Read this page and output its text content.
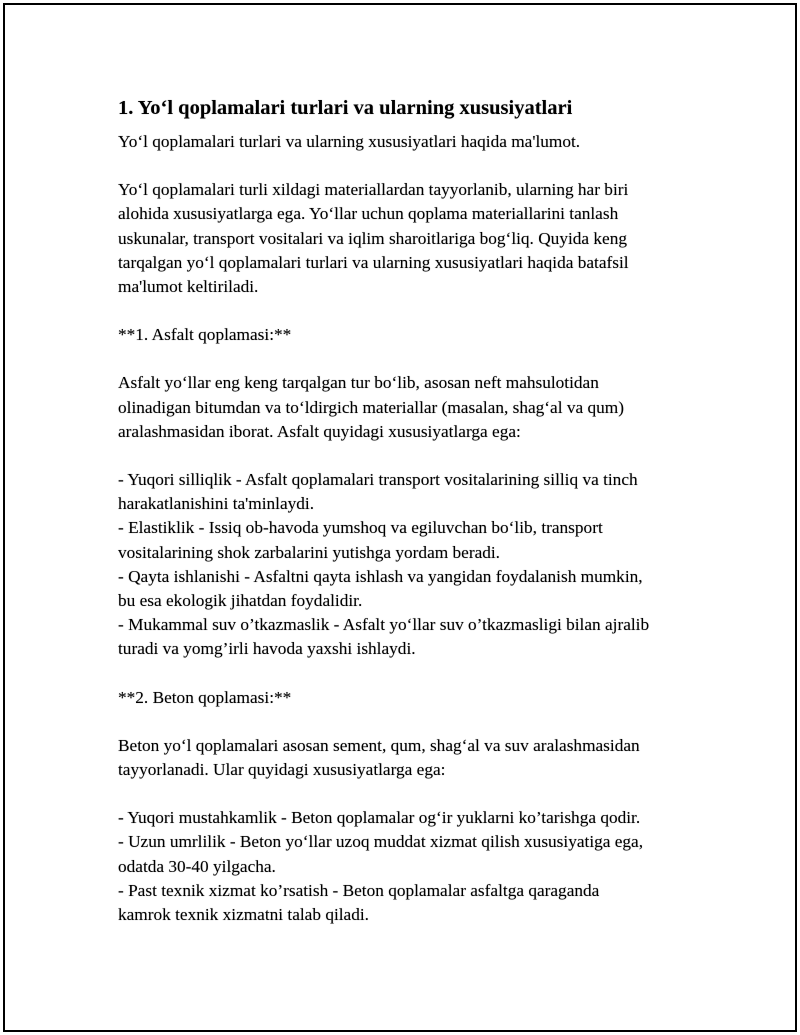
1. Yo‘l qoplamalari turlari va ularning xususiyatlari

Yo‘l qoplamalari turlari va ularning xususiyatlari haqida ma'lumot.

Yo‘l qoplamalari turli xildagi materiallardan tayyorlanib, ularning har biri
alohida xususiyatlarga ega. Yo‘llar uchun qoplama materiallarini tanlash
uskunalar, transport vositalari va iqlim sharoitlariga bog‘liq. Quyida keng
tarqalgan yo‘l qoplamalari turlari va ularning xususiyatlari haqida batafsil
ma'lumot keltiriladi.

**1. Asfalt qoplamasi:**

Asfalt yo‘llar eng keng tarqalgan tur bo‘lib, asosan neft mahsulotidan
olinadigan bitumdan va to‘ldirgich materiallar (masalan, shag‘al va qum)
aralashmasidan iborat. Asfalt quyidagi xususiyatlarga ega:

- Yuqori silliqlik - Asfalt qoplamalari transport vositalarining silliq va tinch
harakatlanishini ta'minlaydi.
- Elastiklik - Issiq ob-havoda yumshoq va egiluvchan bo‘lib, transport
vositalarining shok zarbalarini yutishga yordam beradi.
- Qayta ishlanishi - Asfaltni qayta ishlash va yangidan foydalanish mumkin,
bu esa ekologik jihatdan foydalidir.
- Mukammal suv o’tkazmaslik - Asfalt yo‘llar suv o’tkazmasligi bilan ajralib
turadi va yomg’irli havoda yaxshi ishlaydi.

**2. Beton qoplamasi:**

Beton yo‘l qoplamalari asosan sement, qum, shag‘al va suv aralashmasidan
tayyorlanadi. Ular quyidagi xususiyatlarga ega:

- Yuqori mustahkamlik - Beton qoplamalar og‘ir yuklarni ko’tarishga qodir.
- Uzun umrlilik - Beton yo‘llar uzoq muddat xizmat qilish xususiyatiga ega,
odatda 30-40 yilgacha.
- Past texnik xizmat ko’rsatish - Beton qoplamalar asfaltga qaraganda
kamrok texnik xizmatni talab qiladi.
